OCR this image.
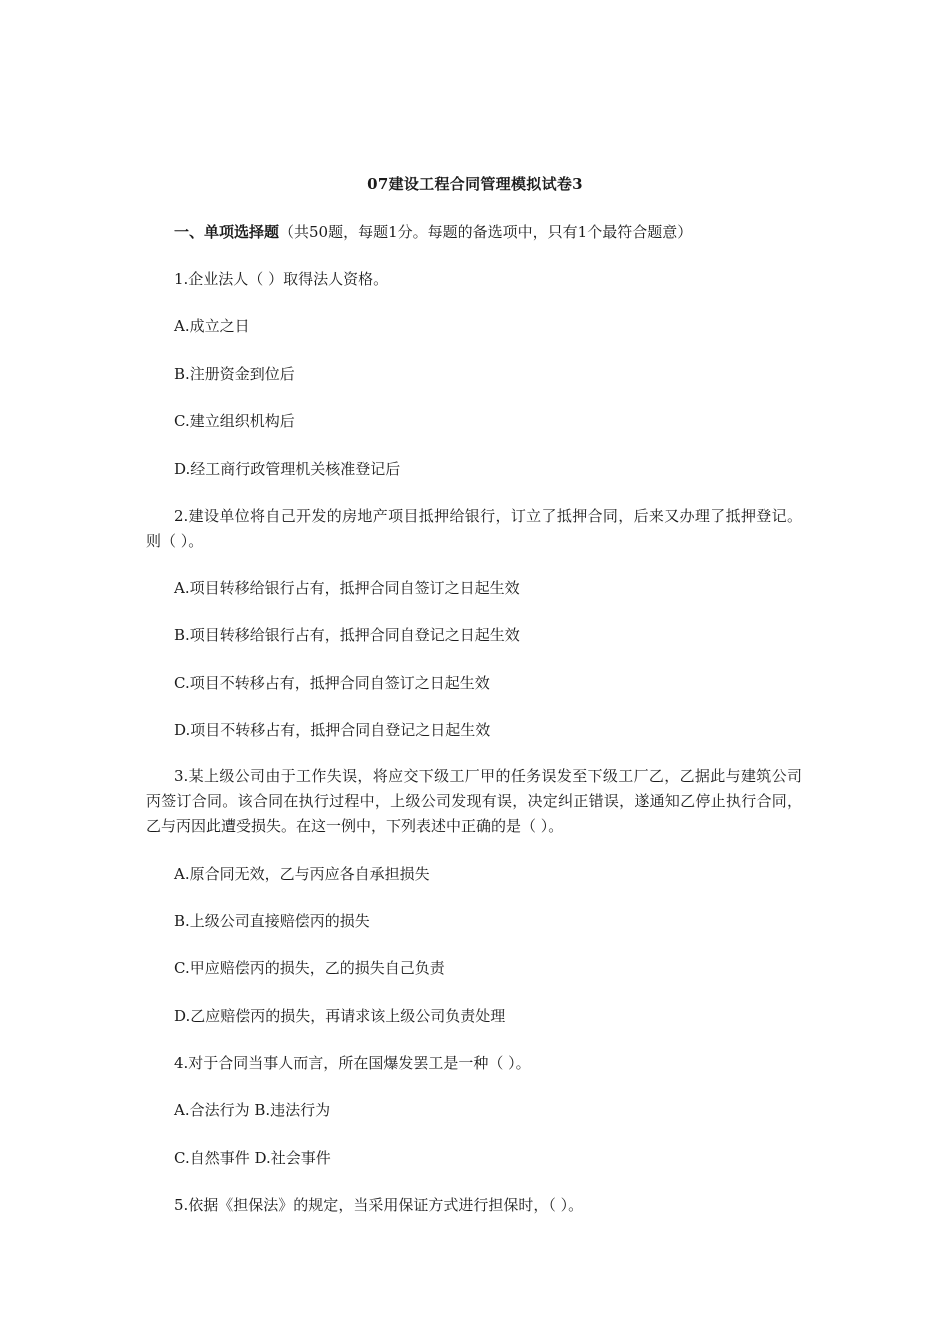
07建设工程合同管理模拟试卷3
一、单项选择题（共50题，每题1分。每题的备选项中，只有1个最符合题意）
1.企业法人（ ）取得法人资格。
A.成立之日
B.注册资金到位后
C.建立组织机构后
D.经工商行政管理机关核准登记后
2.建设单位将自己开发的房地产项目抵押给银行，订立了抵押合同，后来又办理了抵押登记。则（ ）。
A.项目转移给银行占有，抵押合同自签订之日起生效
B.项目转移给银行占有，抵押合同自登记之日起生效
C.项目不转移占有，抵押合同自签订之日起生效
D.项目不转移占有，抵押合同自登记之日起生效
3.某上级公司由于工作失误，将应交下级工厂甲的任务误发至下级工厂乙，乙据此与建筑公司丙签订合同。该合同在执行过程中，上级公司发现有误，决定纠正错误，遂通知乙停止执行合同，乙与丙因此遭受损失。在这一例中，下列表述中正确的是（ ）。
A.原合同无效，乙与丙应各自承担损失
B.上级公司直接赔偿丙的损失
C.甲应赔偿丙的损失，乙的损失自己负责
D.乙应赔偿丙的损失，再请求该上级公司负责处理
4.对于合同当事人而言，所在国爆发罢工是一种（ ）。
A.合法行为 B.违法行为
C.自然事件 D.社会事件
5.依据《担保法》的规定，当采用保证方式进行担保时，（ ）。
